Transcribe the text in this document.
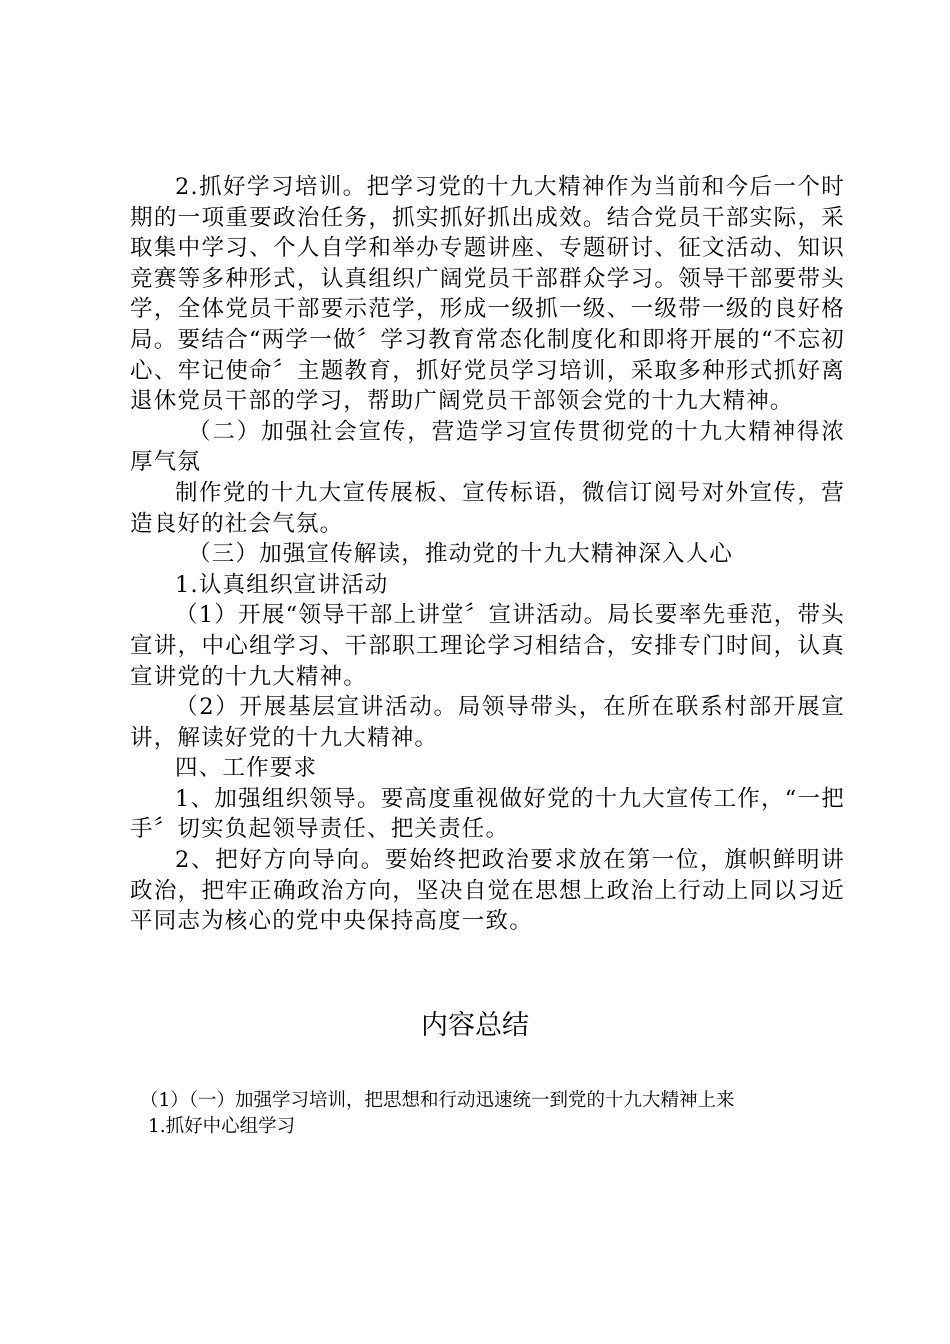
2.抓好学习培训。把学习党的十九大精神作为当前和今后一个时期的一项重要政治任务，抓实抓好抓出成效。结合党员干部实际，采取集中学习、个人自学和举办专题讲座、专题研讨、征文活动、知识竞赛等多种形式，认真组织广阔党员干部群众学习。领导干部要带头学，全体党员干部要示范学，形成一级抓一级、一级带一级的良好格局。要结合“两学一做〞学习教育常态化制度化和即将开展的“不忘初心、牢记使命〞主题教育，抓好党员学习培训，采取多种形式抓好离退休党员干部的学习，帮助广阔党员干部领会党的十九大精神。

（二）加强社会宣传，营造学习宣传贯彻党的十九大精神得浓厚气氛

制作党的十九大宣传展板、宣传标语，微信订阅号对外宣传，营造良好的社会气氛。

（三）加强宣传解读，推动党的十九大精神深入人心

1.认真组织宣讲活动

（1）开展“领导干部上讲堂〞宣讲活动。局长要率先垂范，带头宣讲，中心组学习、干部职工理论学习相结合，安排专门时间，认真宣讲党的十九大精神。

（2）开展基层宣讲活动。局领导带头，在所在联系村部开展宣讲，解读好党的十九大精神。

四、工作要求

1、加强组织领导。要高度重视做好党的十九大宣传工作，“一把手〞切实负起领导责任、把关责任。

2、把好方向导向。要始终把政治要求放在第一位，旗帜鲜明讲政治，把牢正确政治方向，坚决自觉在思想上政治上行动上同以习近平同志为核心的党中央保持高度一致。

内容总结

（1）（一）加强学习培训，把思想和行动迅速统一到党的十九大精神上来

1.抓好中心组学习
